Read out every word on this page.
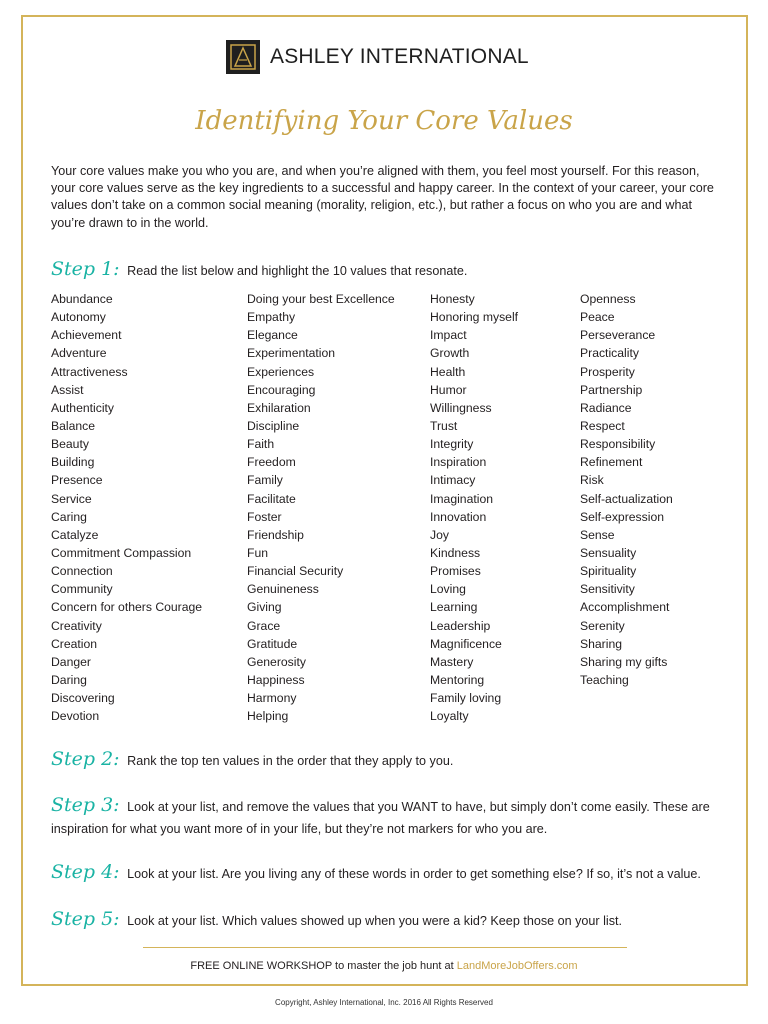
ASHLEY INTERNATIONAL
Identifying Your Core Values
Your core values make you who you are, and when you’re aligned with them, you feel most yourself. For this reason, your core values serve as the key ingredients to a successful and happy career. In the context of your career, your core values don’t take on a common social meaning (morality, religion, etc.), but rather a focus on who you are and what you’re drawn to in the world.
Step 1: Read the list below and highlight the 10 values that resonate.
Abundance
Autonomy
Achievement
Adventure
Attractiveness
Assist
Authenticity
Balance
Beauty
Building
Presence
Service
Caring
Catalyze
Commitment Compassion
Connection
Community
Concern for others Courage
Creativity
Creation
Danger
Daring
Discovering
Devotion
Doing your best Excellence
Empathy
Elegance
Experimentation
Experiences
Encouraging
Exhilaration
Discipline
Faith
Freedom
Family
Facilitate
Foster
Friendship
Fun
Financial Security
Genuineness
Giving
Grace
Gratitude
Generosity
Happiness
Harmony
Helping
Honesty
Honoring myself
Impact
Growth
Health
Humor
Willingness
Trust
Integrity
Inspiration
Intimacy
Imagination
Innovation
Joy
Kindness
Promises
Loving
Learning
Leadership
Magnificence
Mastery
Mentoring
Family loving
Loyalty
Openness
Peace
Perseverance
Practicality
Prosperity
Partnership
Radiance
Respect
Responsibility
Refinement
Risk
Self-actualization
Self-expression
Sense
Sensuality
Spirituality
Sensitivity
Accomplishment
Serenity
Sharing
Sharing my gifts
Teaching
Step 2: Rank the top ten values in the order that they apply to you.
Step 3: Look at your list, and remove the values that you WANT to have, but simply don’t come easily. These are inspiration for what you want more of in your life, but they’re not markers for who you are.
Step 4: Look at your list. Are you living any of these words in order to get something else? If so, it’s not a value.
Step 5: Look at your list. Which values showed up when you were a kid? Keep those on your list.
FREE ONLINE WORKSHOP to master the job hunt at LandMoreJobOffers.com
Copyright, Ashley International, Inc. 2016 All Rights Reserved
